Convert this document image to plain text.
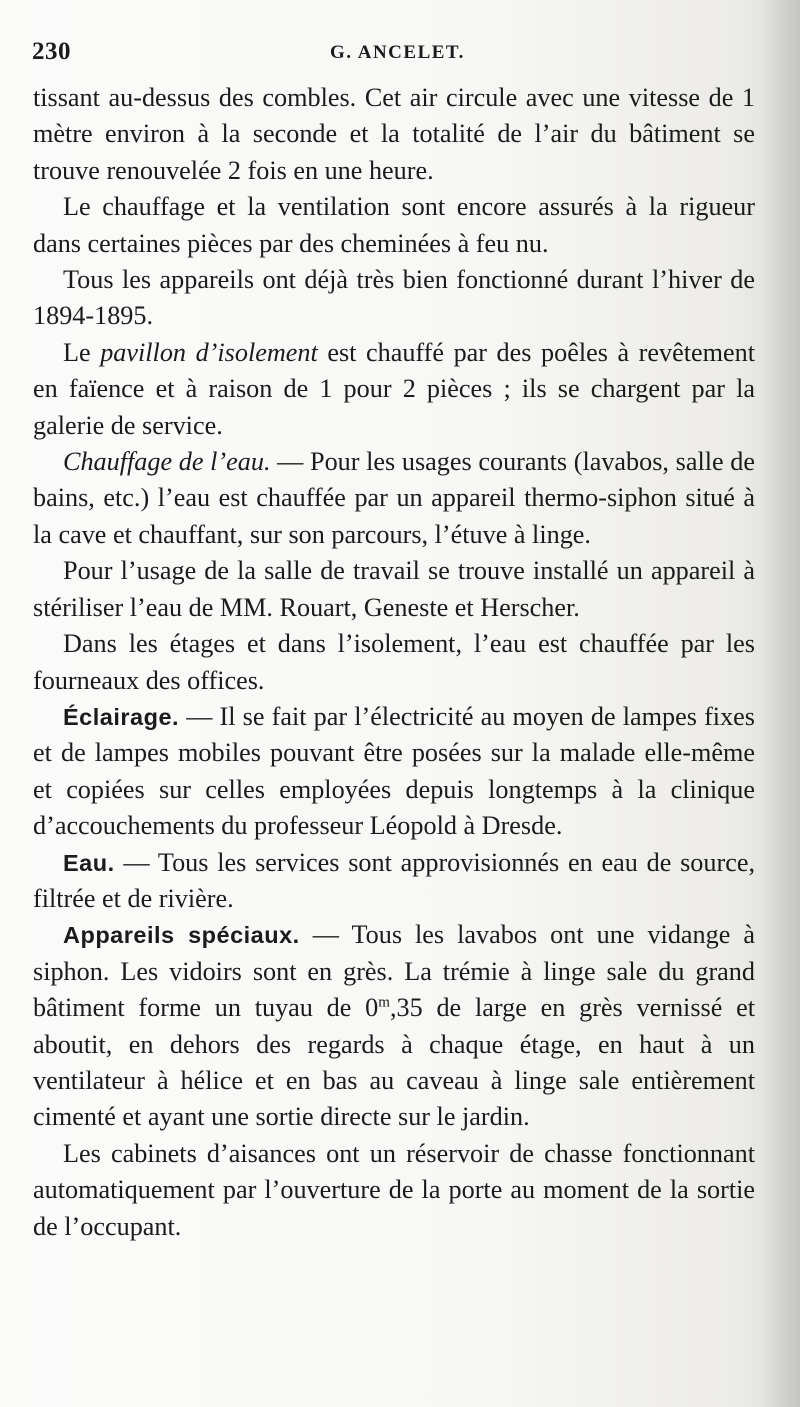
230	G. ANCELET.

tissant au-dessus des combles. Cet air circule avec une vitesse de 1 mètre environ à la seconde et la totalité de l’air du bâtiment se trouve renouvelée 2 fois en une heure.

Le chauffage et la ventilation sont encore assurés à la rigueur dans certaines pièces par des cheminées à feu nu.

Tous les appareils ont déjà très bien fonctionné durant l’hiver de 1894-1895.

Le pavillon d’isolement est chauffé par des poêles à revêtement en faïence et à raison de 1 pour 2 pièces ; ils se chargent par la galerie de service.

Chauffage de l’eau. — Pour les usages courants (lavabos, salle de bains, etc.) l’eau est chauffée par un appareil thermo-siphon situé à la cave et chauffant, sur son parcours, l’étuve à linge.

Pour l’usage de la salle de travail se trouve installé un appareil à stériliser l’eau de MM. Rouart, Geneste et Herscher.

Dans les étages et dans l’isolement, l’eau est chauffée par les fourneaux des offices.

Éclairage. — Il se fait par l’électricité au moyen de lampes fixes et de lampes mobiles pouvant être posées sur la malade elle-même et copiées sur celles employées depuis longtemps à la clinique d’accouchements du professeur Léopold à Dresde.

Eau. — Tous les services sont approvisionnés en eau de source, filtrée et de rivière.

Appareils spéciaux. — Tous les lavabos ont une vidange à siphon. Les vidoirs sont en grès. La trémie à linge sale du grand bâtiment forme un tuyau de 0$^m$,35 de large en grès vernissé et aboutit, en dehors des regards à chaque étage, en haut à un ventilateur à hélice et en bas au caveau à linge sale entièrement cimenté et ayant une sortie directe sur le jardin.

Les cabinets d’aisances ont un réservoir de chasse fonctionnant automatiquement par l’ouverture de la porte au moment de la sortie de l’occupant.
